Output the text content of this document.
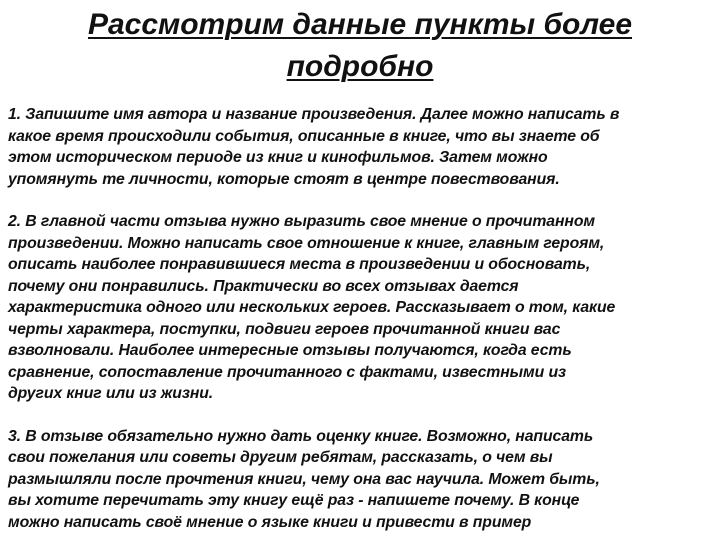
Рассмотрим данные пункты более
подробно
1. Запишите имя автора и название произведения. Далее можно написать в
какое время происходили события, описанные в книге, что вы знаете об
этом историческом периоде из книг и кинофильмов. Затем можно
упомянуть те личности, которые стоят в центре повествования.
2. В главной части отзыва нужно выразить свое мнение о прочитанном
произведении. Можно написать свое отношение к книге, главным героям,
описать наиболее понравившиеся места в произведении и обосновать,
почему они понравились. Практически во всех отзывах дается
характеристика одного или нескольких героев. Рассказывает о том, какие
черты характера, поступки, подвиги героев прочитанной книги вас
взволновали. Наиболее интересные отзывы получаются, когда есть
сравнение, сопоставление прочитанного с фактами, известными из
других книг или из жизни.
3. В отзыве обязательно нужно дать оценку книге. Возможно, написать
свои пожелания или советы другим ребятам, рассказать, о чем вы
размышляли после прочтения книги, чему она вас научила. Может быть,
вы хотите перечитать эту книгу ещё раз - напишете почему. В конце
можно написать своё мнение о языке книги и привести в пример
